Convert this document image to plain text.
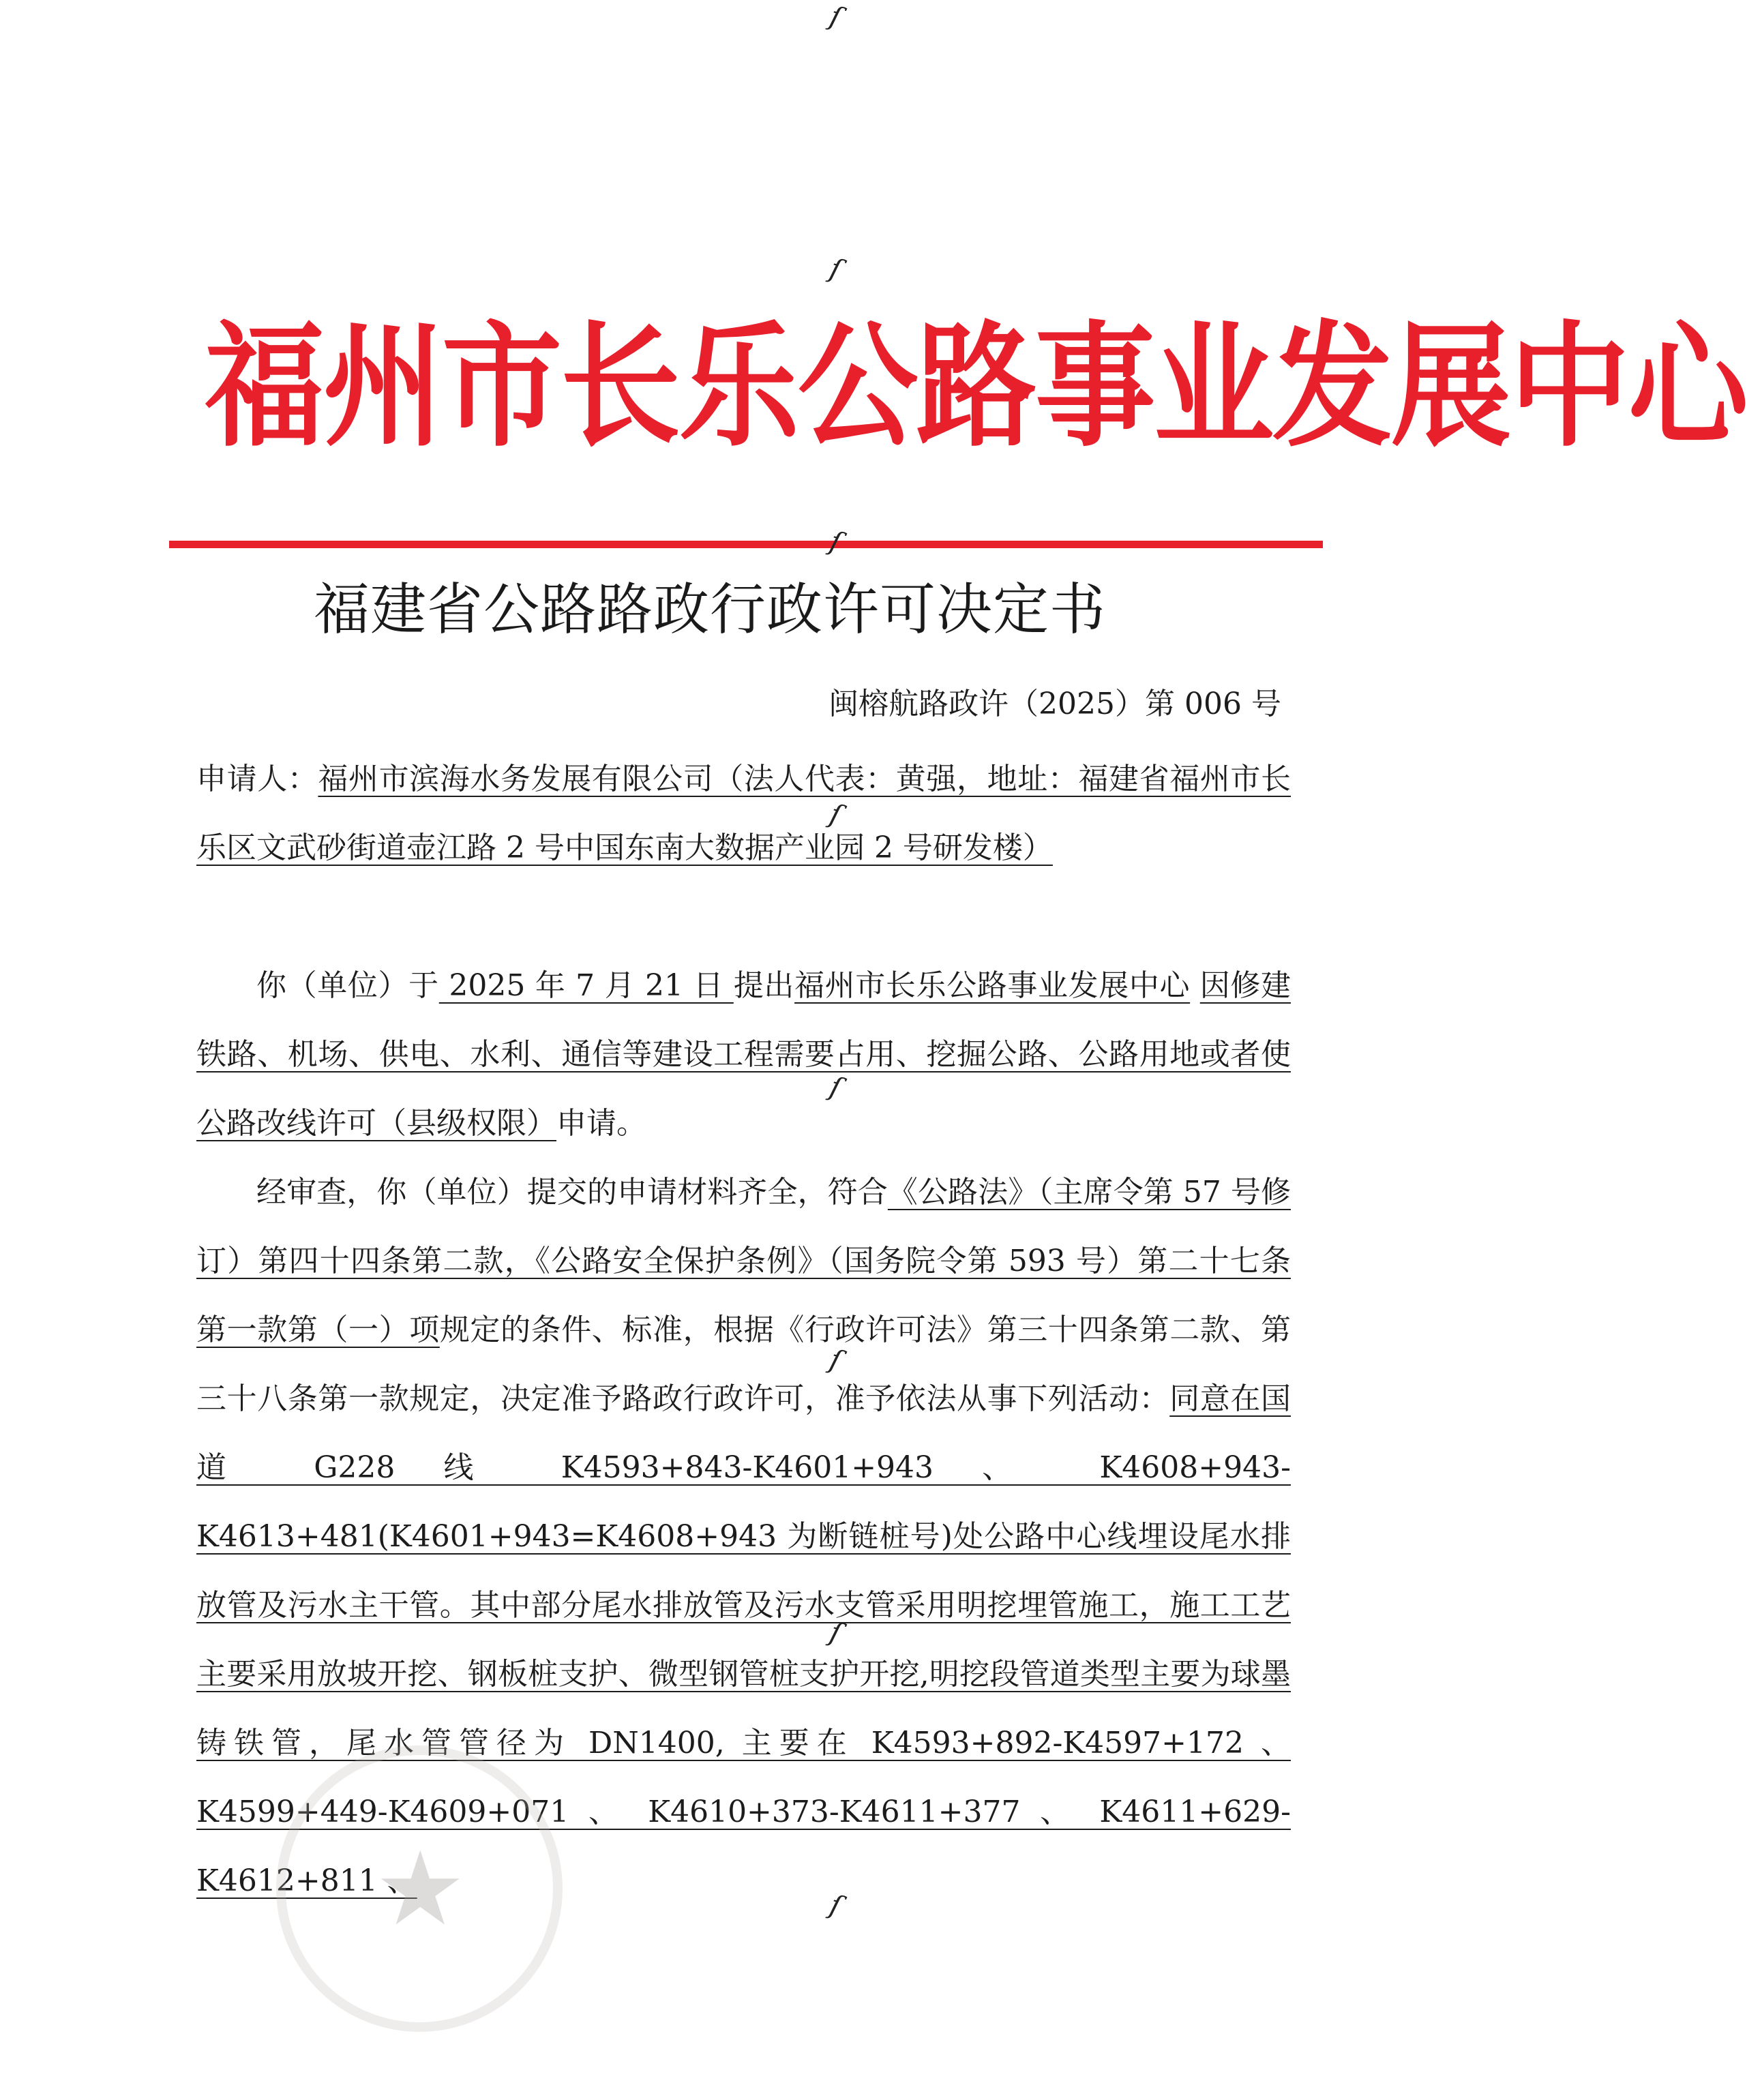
福州市长乐公路事业发展中心
福建省公路路政行政许可决定书
闽榕航路政许（2025）第 006 号
申请人：福州市滨海水务发展有限公司（法人代表：黄强，地址：福建省福州市长乐区文武砂街道壶江路 2 号中国东南大数据产业园 2 号研发楼）
你（单位）于 2025 年 7 月 21 日 提出福州市长乐公路事业发展中心 因修建铁路、机场、供电、水利、通信等建设工程需要占用、挖掘公路、公路用地或者使公路改线许可（县级权限）申请。
经审查，你（单位）提交的申请材料齐全，符合《公路法》（主席令第 57 号修订）第四十四条第二款，《公路安全保护条例》（国务院令第 593 号）第二十七条第一款第（一）项规定的条件、标准，根据《行政许可法》第三十四条第二款、第三十八条第一款规定，决定准予路政行政许可，准予依法从事下列活动：同意在国道 G228 线 K4593+843-K4601+943 、 K4608+943-K4613+481(K4601+943=K4608+943 为断链桩号)处公路中心线埋设尾水排放管及污水主干管。其中部分尾水排放管及污水支管采用明挖埋管施工，施工工艺主要采用放坡开挖、钢板桩支护、微型钢管桩支护开挖,明挖段管道类型主要为球墨铸铁管，尾水管管径为 DN1400, 主要在 K4593+892-K4597+172 、 K4599+449-K4609+071 、 K4610+373-K4611+377 、 K4611+629-K4612+811 、
★
ſ
ſ
ſ
ſ
ſ
ſ
ſ
ſ
